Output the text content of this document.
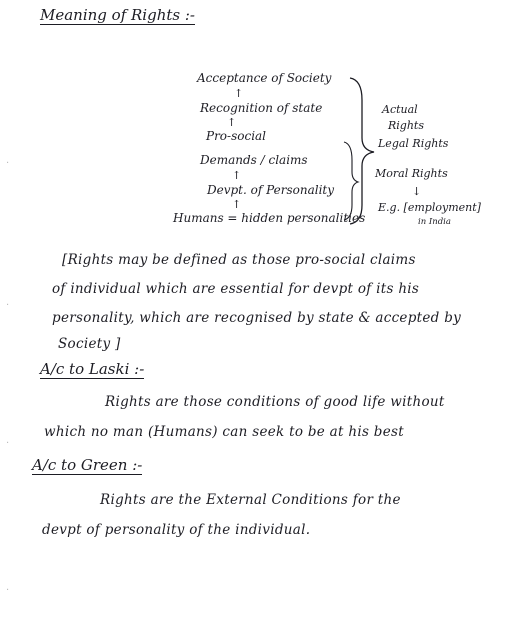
·
·
·
·
Meaning of Rights :-
Acceptance of Society
↑
Recognition of state
↑
Pro-social
Demands / claims
↑
Devpt. of Personality
↑
Humans = hidden personalities
Actual
Rights
Legal Rights
Moral Rights
↓
E.g. [employment]
in India
[Rights may be defined as those pro-social claims
of individual which are essential for devpt of its his
personality, which are recognised by state & accepted by
Society ]
A/c to Laski :-
Rights are those conditions of good life without
which no man (Humans) can seek to be at his best
A/c to Green :-
Rights are the External Conditions for the
devpt of personality of the individual.
